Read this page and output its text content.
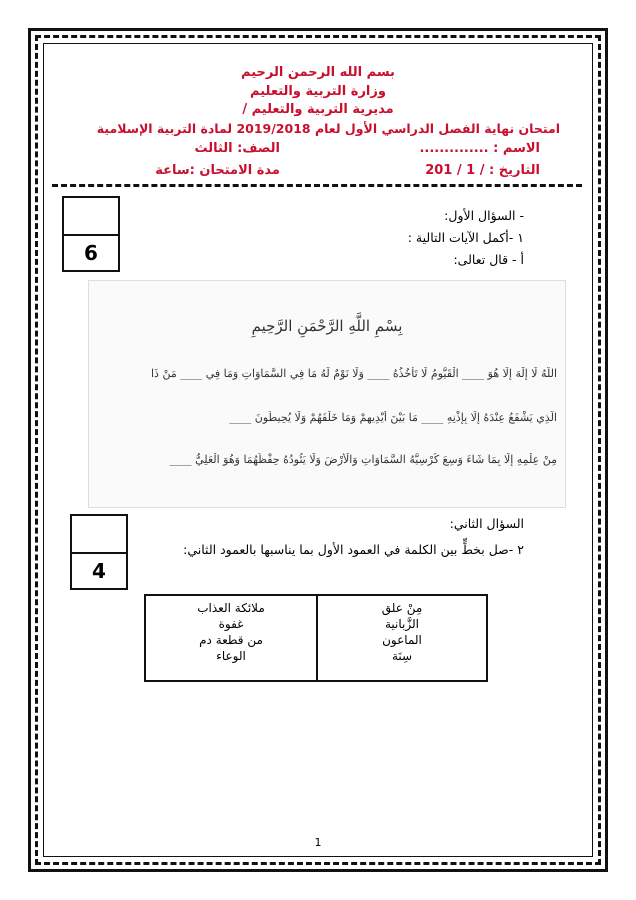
بسم الله الرحمن الرحيم
وزارة التربية والتعليم
مديرية التربية والتعليم /
امتحان نهاية الفصل الدراسي الأول لعام 2019/2018 لمادة التربية الإسلامية
الاسم : ..............
الصف: الثالث
التاريخ : / 1 / 201
مدة الامتحان :ساعة
6
- السؤال الأول:
١ -أكمل الآيات التالية :
أ - قال تعالى:
بِسْمِ اللَّهِ الرَّحْمَنِ الرَّحِيمِ
اللَّهُ لَا إِلَٰهَ إِلَّا هُوَ ____ الْقَيُّومُ لَا تَأْخُذُهُ ____ وَلَا نَوْمٌ لَهُ مَا فِي السَّمَاوَاتِ وَمَا فِي ____ مَنْ ذَا
الَّذِي يَشْفَعُ عِنْدَهُ إِلَّا بِإِذْنِهِ ____ مَا بَيْنَ أَيْدِيهِمْ وَمَا خَلْفَهُمْ وَلَا يُحِيطُونَ ____
مِنْ عِلْمِهِ إِلَّا بِمَا شَاءَ وَسِعَ كُرْسِيُّهُ السَّمَاوَاتِ وَالْأَرْضَ وَلَا يَئُودُهُ حِفْظُهُمَا وَهُوَ الْعَلِيُّ ____
4
السؤال الثاني:
٢ -صل بخطٍّ بين الكلمة في العمود الأول بما يناسبها بالعمود الثاني:
ملائكة العذاب
غفوة
من قطعة دم
الوعاء
مِنْ علق
الزَّبانية
الماعون
سِنَة
1
